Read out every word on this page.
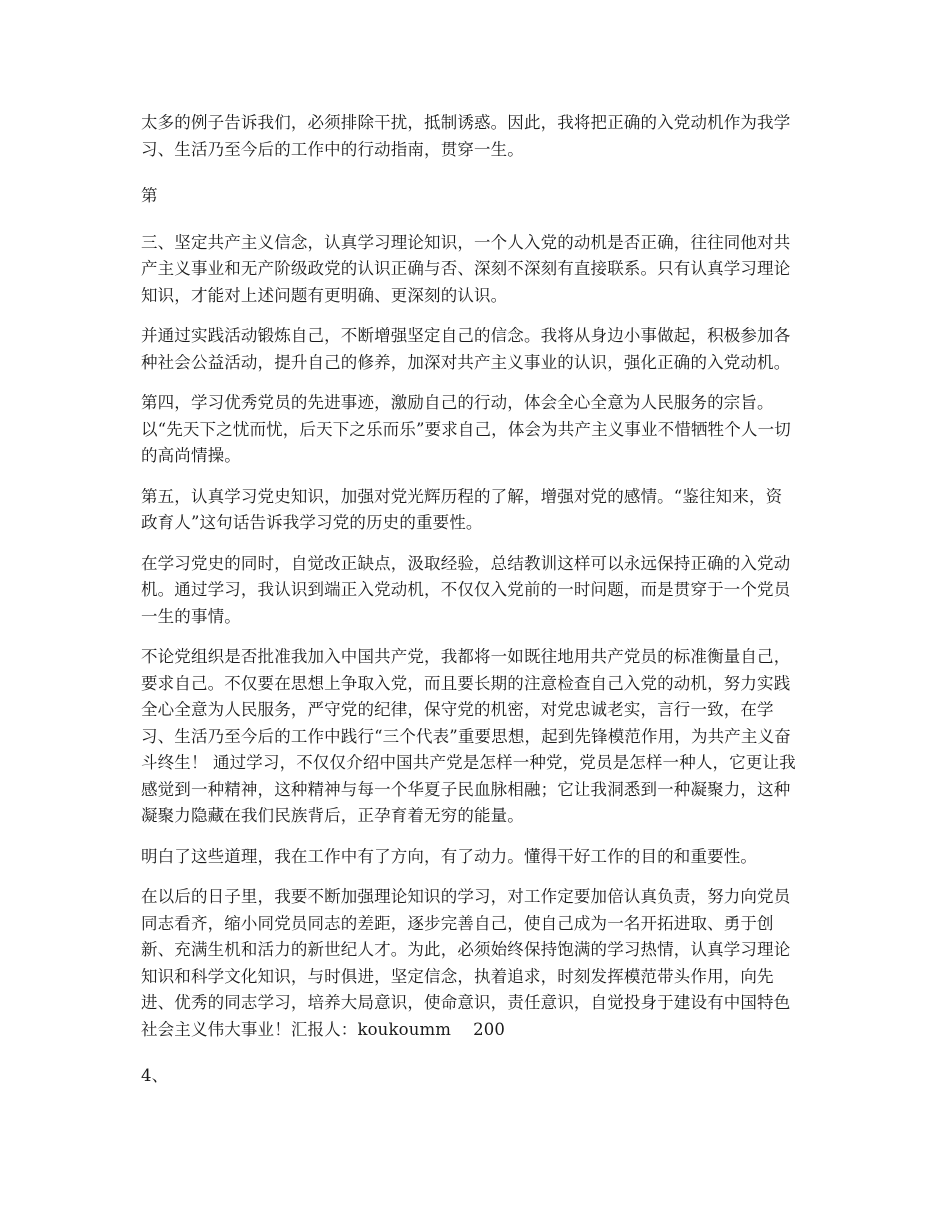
太多的例子告诉我们，必须排除干扰，抵制诱惑。因此，我将把正确的入党动机作为我学
习、生活乃至今后的工作中的行动指南，贯穿一生。

第

三、坚定共产主义信念，认真学习理论知识，一个人入党的动机是否正确，往往同他对共
产主义事业和无产阶级政党的认识正确与否、深刻不深刻有直接联系。只有认真学习理论
知识，才能对上述问题有更明确、更深刻的认识。

并通过实践活动锻炼自己，不断增强坚定自己的信念。我将从身边小事做起，积极参加各
种社会公益活动，提升自己的修养，加深对共产主义事业的认识，强化正确的入党动机。

第四，学习优秀党员的先进事迹，激励自己的行动，体会全心全意为人民服务的宗旨。
以“先天下之忧而忧，后天下之乐而乐”要求自己，体会为共产主义事业不惜牺牲个人一切
的高尚情操。

第五，认真学习党史知识，加强对党光辉历程的了解，增强对党的感情。“鉴往知来，资
政育人”这句话告诉我学习党的历史的重要性。

在学习党史的同时，自觉改正缺点，汲取经验，总结教训这样可以永远保持正确的入党动
机。通过学习，我认识到端正入党动机，不仅仅入党前的一时问题，而是贯穿于一个党员
一生的事情。

不论党组织是否批准我加入中国共产党，我都将一如既往地用共产党员的标准衡量自己，
要求自己。不仅要在思想上争取入党，而且要长期的注意检查自己入党的动机，努力实践
全心全意为人民服务，严守党的纪律，保守党的机密，对党忠诚老实，言行一致，在学
习、生活乃至今后的工作中践行“三个代表”重要思想，起到先锋模范作用，为共产主义奋
斗终生！ 通过学习，不仅仅介绍中国共产党是怎样一种党，党员是怎样一种人，它更让我
感觉到一种精神，这种精神与每一个华夏子民血脉相融；它让我洞悉到一种凝聚力，这种
凝聚力隐藏在我们民族背后，正孕育着无穷的能量。

明白了这些道理，我在工作中有了方向，有了动力。懂得干好工作的目的和重要性。

在以后的日子里，我要不断加强理论知识的学习，对工作定要加倍认真负责，努力向党员
同志看齐，缩小同党员同志的差距，逐步完善自己，使自己成为一名开拓进取、勇于创
新、充满生机和活力的新世纪人才。为此，必须始终保持饱满的学习热情，认真学习理论
知识和科学文化知识，与时俱进，坚定信念，执着追求，时刻发挥模范带头作用，向先
进、优秀的同志学习，培养大局意识，使命意识，责任意识，自觉投身于建设有中国特色
社会主义伟大事业！汇报人：koukoumm　 200

4、
